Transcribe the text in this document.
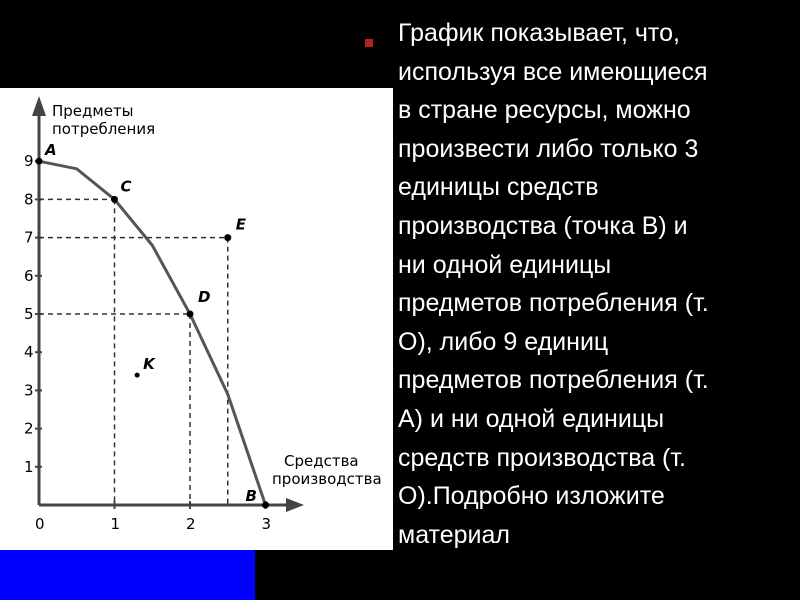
1
2
3
4
5
6
7
8
9
0	1	2	3
A
C
E
D
K
B
Предметы
потребления
Средства
производства
График показывает, что,
используя все имеющиеся
в стране ресурсы, можно
произвести либо только 3
единицы средств
производства (точка В) и
ни одной единицы
предметов потребления (т.
О), либо 9 единиц
предметов потребления (т.
А) и ни одной единицы
средств производства (т.
О).Подробно изложите
материал
